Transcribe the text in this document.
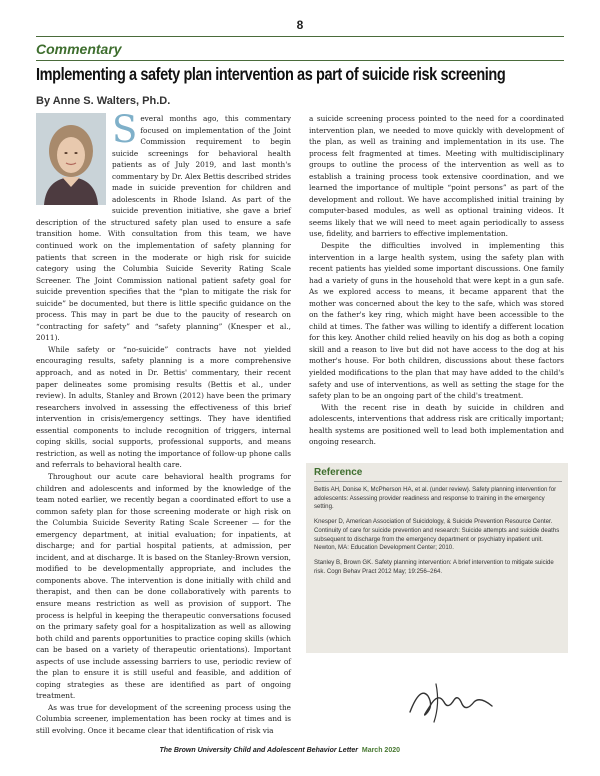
8
Commentary
Implementing a safety plan intervention as part of suicide risk screening
By Anne S. Walters, Ph.D.

Several months ago, this commentary focused on implementation of the Joint Commission requirement to begin suicide screenings for behavioral health patients as of July 2019, and last month's commentary by Dr. Alex Bettis described strides made in suicide prevention for children and adolescents in Rhode Island. As part of the suicide prevention initiative, she gave a brief description of the structured safety plan used to ensure a safe transition home. With consultation from this team, we have continued work on the implementation of safety planning for patients that screen in the moderate or high risk for suicide category using the Columbia Suicide Severity Rating Scale Screener. The Joint Commission national patient safety goal for suicide prevention specifies that the “plan to mitigate the risk for suicide” be documented, but there is little specific guidance on the process. This may in part be due to the paucity of research on “contracting for safety” and “safety planning” (Knesper et al., 2011).

While safety or “no-suicide” contracts have not yielded encouraging results, safety planning is a more comprehensive approach, and as noted in Dr. Bettis' commentary, their recent paper delineates some promising results (Bettis et al., under review). In adults, Stanley and Brown (2012) have been the primary researchers involved in assessing the effectiveness of this brief intervention in crisis/emergency settings. They have identified essential components to include recognition of triggers, internal coping skills, social supports, professional supports, and means restriction, as well as noting the importance of follow-up phone calls and referrals to behavioral health care.

Throughout our acute care behavioral health programs for children and adolescents and informed by the knowledge of the team noted earlier, we recently began a coordinated effort to use a common safety plan for those screening moderate or high risk on the Columbia Suicide Severity Rating Scale Screener — for the emergency department, at initial evaluation; for inpatients, at discharge; and for partial hospital patients, at admission, per incident, and at discharge. It is based on the Stanley-Brown version, modified to be developmentally appropriate, and includes the components above. The intervention is done initially with child and therapist, and then can be done collaboratively with parents to ensure means restriction as well as provision of support. The process is helpful in keeping the therapeutic conversations focused on the primary safety goal for a hospitalization as well as allowing both child and parents opportunities to practice coping skills (which can be based on a variety of therapeutic orientations). Important aspects of use include assessing barriers to use, periodic review of the plan to ensure it is still useful and feasible, and addition of coping strategies as these are identified as part of ongoing treatment.

As was true for development of the screening process using the Columbia screener, implementation has been rocky at times and is still evolving. Once it became clear that identification of risk via

a suicide screening process pointed to the need for a coordinated intervention plan, we needed to move quickly with development of the plan, as well as training and implementation in its use. The process felt fragmented at times. Meeting with multidisciplinary groups to outline the process of the intervention as well as to establish a training process took extensive coordination, and we learned the importance of multiple “point persons” as part of the development and rollout. We have accomplished initial training by computer-based modules, as well as optional training videos. It seems likely that we will need to meet again periodically to assess use, fidelity, and barriers to effective implementation.

Despite the difficulties involved in implementing this intervention in a large health system, using the safety plan with recent patients has yielded some important discussions. One family had a variety of guns in the household that were kept in a gun safe. As we explored access to means, it became apparent that the mother was concerned about the key to the safe, which was stored on the father's key ring, which might have been accessible to the child at times. The father was willing to identify a different location for this key. Another child relied heavily on his dog as both a coping skill and a reason to live but did not have access to the dog at his mother's house. For both children, discussions about these factors yielded modifications to the plan that may have added to the child's safety and use of interventions, as well as setting the stage for the safety plan to be an ongoing part of the child's treatment.

With the recent rise in death by suicide in children and adolescents, interventions that address risk are critically important; health systems are positioned well to lead both implementation and ongoing research.

Reference

Bettis AH, Donise K, McPherson HA, et al. (under review). Safety planning intervention for adolescents: Assessing provider readiness and response to training in the emergency setting.

Knesper D, American Association of Suicidology, & Suicide Prevention Resource Center. Continuity of care for suicide prevention and research: Suicide attempts and suicide deaths subsequent to discharge from the emergency department or psychiatry inpatient unit. Newton, MA: Education Development Center; 2010.

Stanley B, Brown GK. Safety planning intervention: A brief intervention to mitigate suicide risk. Cogn Behav Pract 2012 May; 19:256–264.

The Brown University Child and Adolescent Behavior Letter March 2020
